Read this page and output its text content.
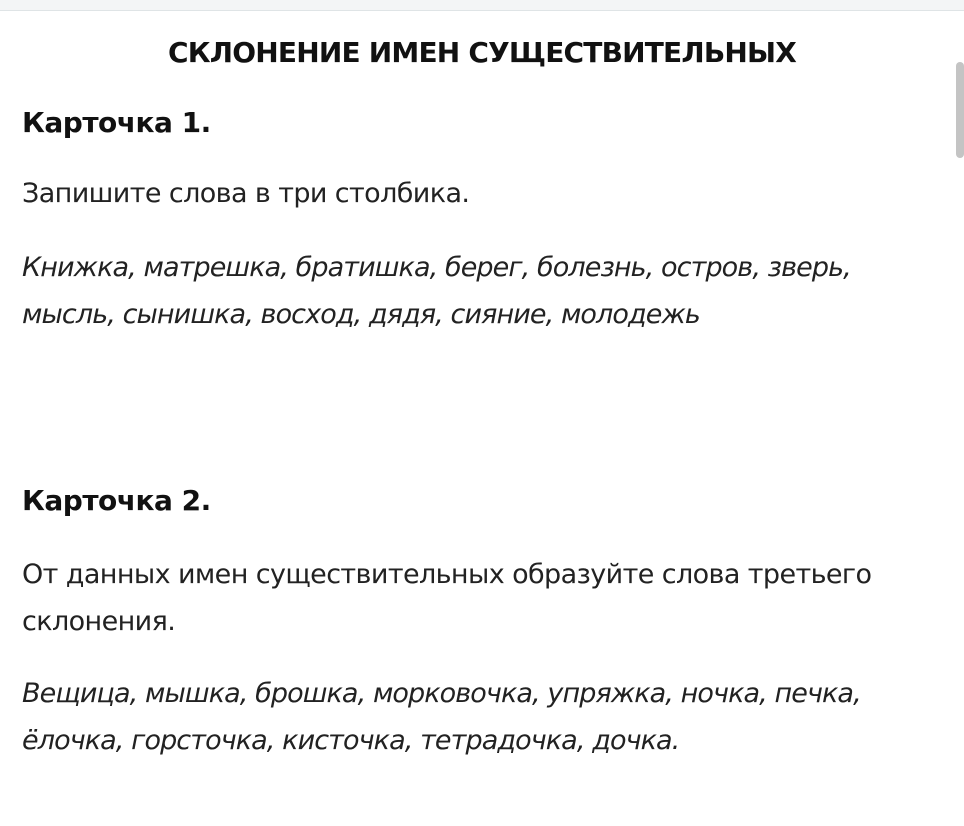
СКЛОНЕНИЕ ИМЕН СУЩЕСТВИТЕЛЬНЫХ
Карточка 1.
Запишите слова в три столбика.
Книжка, матрешка, братишка, берег, болезнь, остров, зверь,
мысль, сынишка, восход, дядя, сияние, молодежь
Карточка 2.
От данных имен существительных образуйте слова третьего
склонения.
Вещица, мышка, брошка, морковочка, упряжка, ночка, печка,
ёлочка, горсточка, кисточка, тетрадочка, дочка.
